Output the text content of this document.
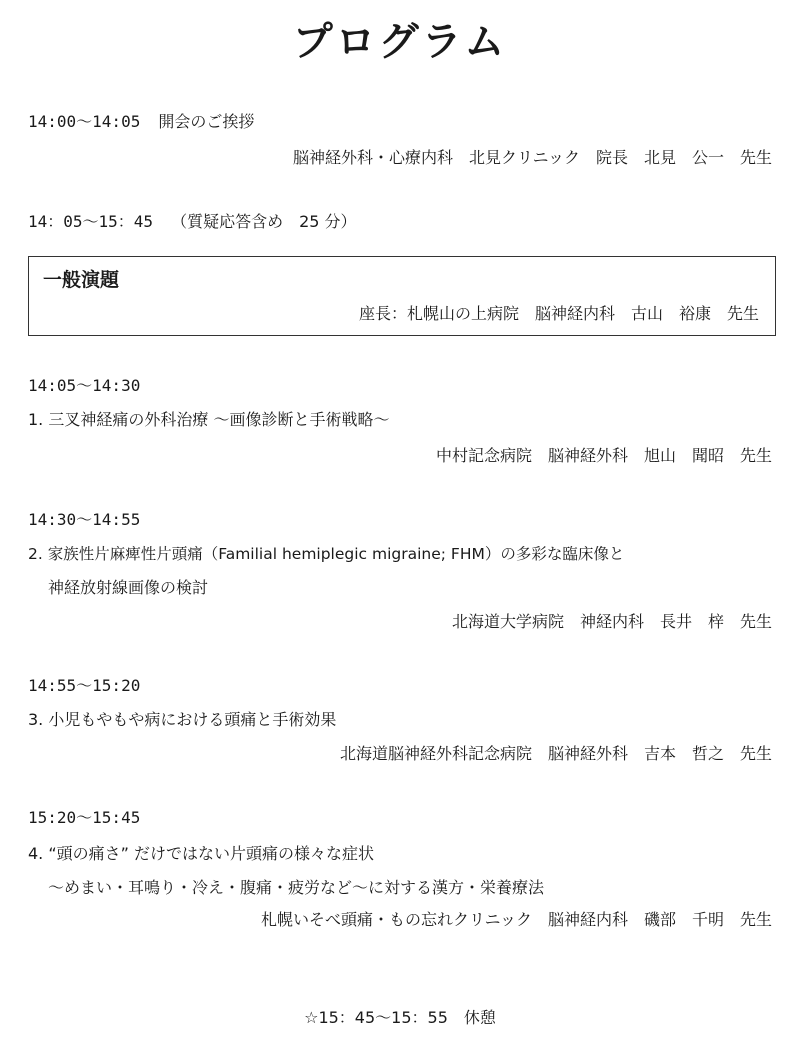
プログラム
14:00〜14:05 開会のご挨拶
脳神経外科・心療内科　北見クリニック　院長　北見　公一　先生
14：05〜15：45 （質疑応答含め　25 分）
一般演題
座長：札幌山の上病院　脳神経内科　古山　裕康　先生
14:05〜14:30
1. 三叉神経痛の外科治療 〜画像診断と手術戦略〜
中村記念病院　脳神経外科　旭山　聞昭　先生
14:30〜14:55
2. 家族性片麻痺性片頭痛（Familial hemiplegic migraine; FHM）の多彩な臨床像と
神経放射線画像の検討
北海道大学病院　神経内科　長井　梓　先生
14:55〜15:20
3. 小児もやもや病における頭痛と手術効果
北海道脳神経外科記念病院　脳神経外科　吉本　哲之　先生
15:20〜15:45
4. “頭の痛さ” だけではない片頭痛の様々な症状
〜めまい・耳鳴り・冷え・腹痛・疲労など〜に対する漢方・栄養療法
札幌いそべ頭痛・もの忘れクリニック　脳神経内科　磯部　千明　先生
☆15：45〜15：55　休憩
